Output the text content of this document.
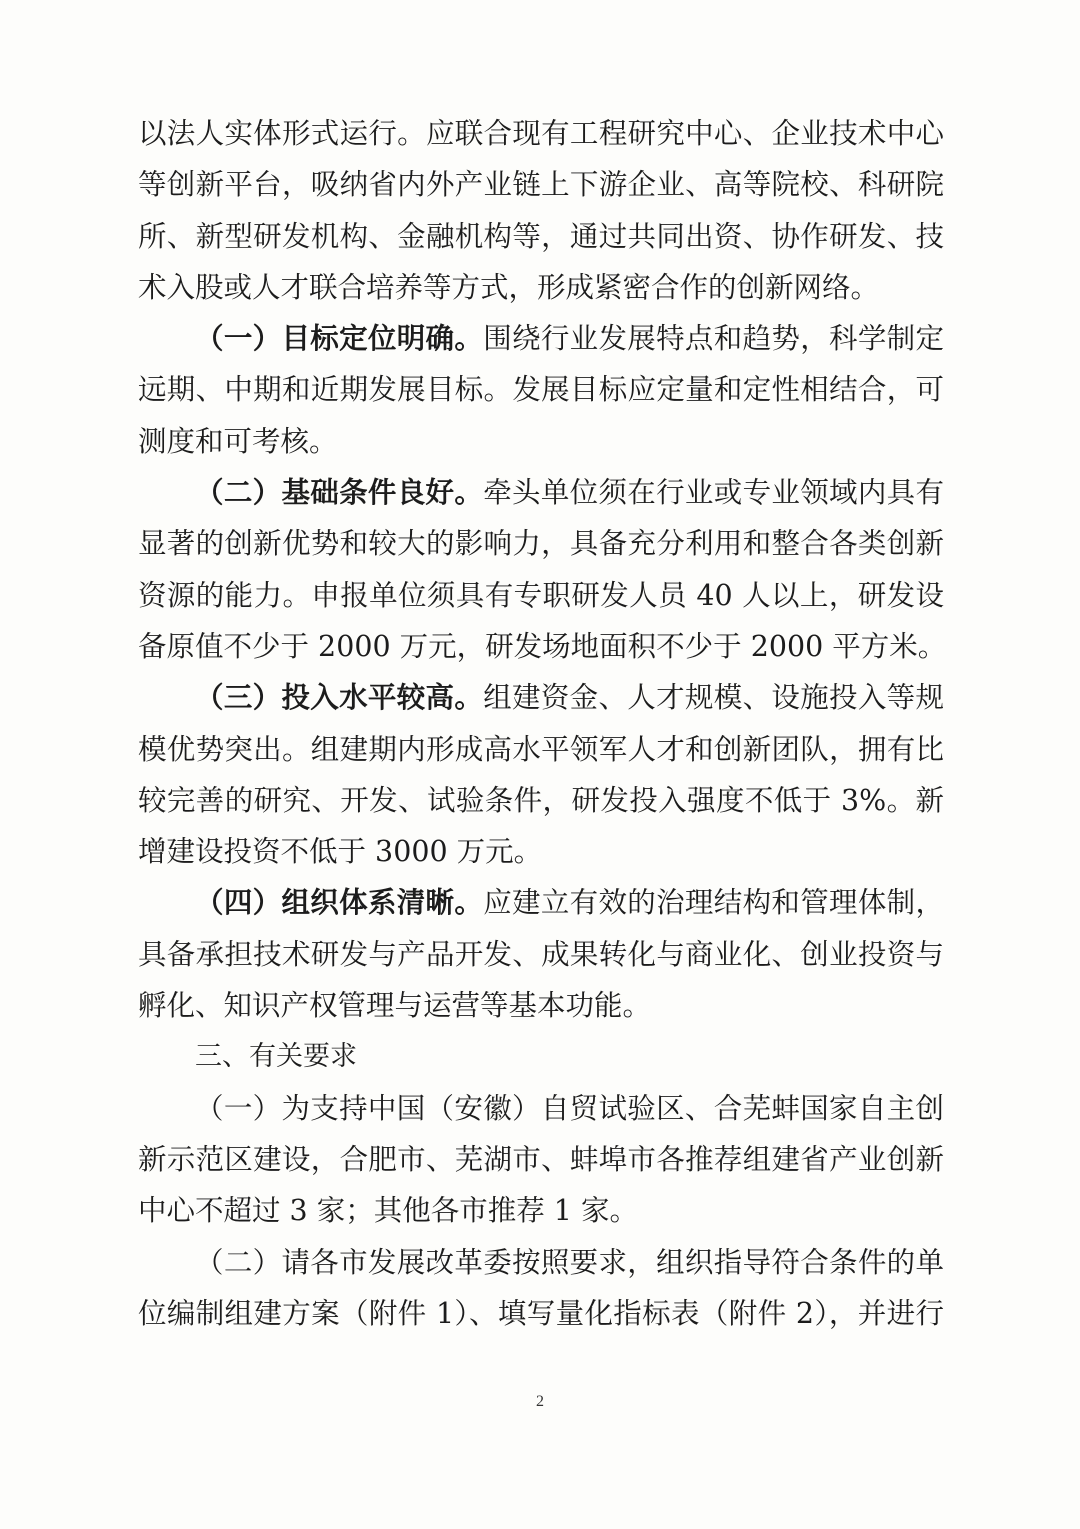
以法人实体形式运行。应联合现有工程研究中心、企业技术中心
等创新平台，吸纳省内外产业链上下游企业、高等院校、科研院
所、新型研发机构、金融机构等，通过共同出资、协作研发、技
术入股或人才联合培养等方式，形成紧密合作的创新网络。
（一）目标定位明确。围绕行业发展特点和趋势，科学制定
远期、中期和近期发展目标。发展目标应定量和定性相结合，可
测度和可考核。
（二）基础条件良好。牵头单位须在行业或专业领域内具有
显著的创新优势和较大的影响力，具备充分利用和整合各类创新
资源的能力。申报单位须具有专职研发人员 40 人以上，研发设
备原值不少于 2000 万元，研发场地面积不少于 2000 平方米。
（三）投入水平较高。组建资金、人才规模、设施投入等规
模优势突出。组建期内形成高水平领军人才和创新团队，拥有比
较完善的研究、开发、试验条件，研发投入强度不低于 3%。新
增建设投资不低于 3000 万元。
（四）组织体系清晰。应建立有效的治理结构和管理体制，
具备承担技术研发与产品开发、成果转化与商业化、创业投资与
孵化、知识产权管理与运营等基本功能。
三、有关要求
（一）为支持中国（安徽）自贸试验区、合芜蚌国家自主创
新示范区建设，合肥市、芜湖市、蚌埠市各推荐组建省产业创新
中心不超过 3 家；其他各市推荐 1 家。
（二）请各市发展改革委按照要求，组织指导符合条件的单
位编制组建方案（附件 1）、填写量化指标表（附件 2），并进行
2
